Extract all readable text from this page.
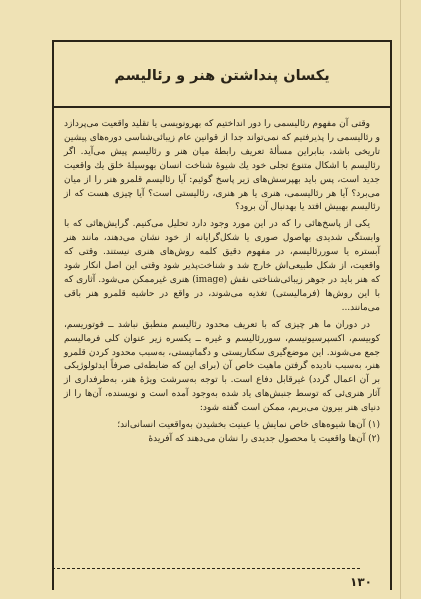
یکسان پنداشتن هنر و رئالیسم

وقتی آن مفهوم رئالیسمی را دور انداختیم که بهرونویسی یا تقلید واقعیت می‌پردازد و رئالیسمی را پذیرفتیم که نمی‌تواند جدا از قوانین عام زیبائی‌شناسی دوره‌های پیشین تاریخی باشد، بنابراین مسألهٔ تعریف رابطهٔ میان هنر و رئالیسم پیش می‌آید. اگر رئالیسم با اشکال متنوع تجلی خود یك شیوهٔ شناخت انسان بهوسیلهٔ خلق یك واقعیت جدید است، پس باید بهپرسش‌های زیر پاسخ گوئیم: آیا رئالیسم قلمرو هنر را از میان می‌برد؟ آیا هر رئالیسمی، هنری یا هر هنری، رئالیستی است؟ آیا چیزی هست که از رئالیسم بهبیش افتد یا بهدنبال آن برود؟

یکی از پاسخ‌هائی را که در این مورد وجود دارد تحلیل می‌کنیم. گرایش‌هائی که با وابستگی شدیدی بهاصول صوری یا شکل‌گرایانه از خود نشان می‌دهند، مانند هنر آبستره یا سوررئالیسم، در مفهوم دقیق کلمه روش‌های هنری نیستند. وقتی که واقعیت، از شکل طبیعی‌اش خارج شد و شناخت‌پذیر شود وقتی این اصل انکار شود که هنر باید در جوهر زیبائی‌شناختی نقش (image) هنری غیرممکن می‌شود. آثاری که با این روش‌ها (فرمالیستی) تغذیه می‌شوند، در واقع در حاشیه قلمرو هنر باقی می‌مانند...

در دوران ما هر چیزی که با تعریف محدود رئالیسم منطبق نباشد ــ فوتوریسم، کوبیسم، اکسپرسیونیسم، سوررئالیسم و غیره ــ یکسره زیر عنوان کلی فرمالیسم جمع می‌شوند. این موضع‌گیری سکتاریستی و دگماتیستی، به‌سبب محدود کردن قلمرو هنر، به‌سبب نادیده گرفتن ماهیت خاص آن (برای این که ضابطه‌ئی صرفاً ایدئولوژیکی بر آن اعمال گردد) غیرقابل دفاع است. با توجه به‌سرشت ویژهٔ هنر، به‌طرفداری از آثار هنری‌ئی که توسط جنبش‌های یاد شده به‌وجود آمده است و نویسنده، آن‌ها را از دنیای هنر بیرون می‌بریم، ممکن است گفته شود:

(۱) آن‌ها شیوه‌های خاص نمایش یا عینیت بخشیدن به‌واقعیت انسانی‌اند؛

(۲) آن‌ها واقعیت یا محصول جدیدی را نشان می‌دهند که آفریدهٔ

۱۳۰
